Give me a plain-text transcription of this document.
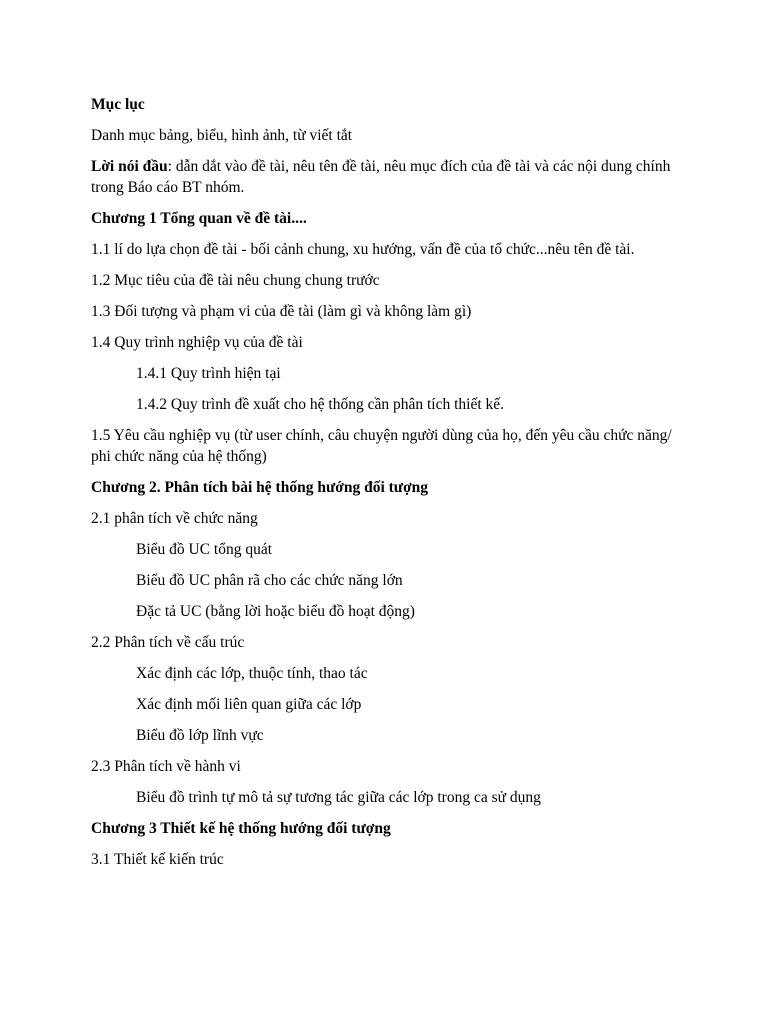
Mục lục

Danh mục bảng, biểu, hình ảnh, từ viết tắt

Lời nói đầu: dẫn dắt vào đề tài, nêu tên đề tài, nêu mục đích của đề tài và các nội dung chính trong Báo cáo BT nhóm.

Chương 1 Tổng quan về đề tài....

1.1 lí do lựa chọn đề tài - bối cảnh chung, xu hướng, vấn đề của tổ chức...nêu tên đề tài.

1.2 Mục tiêu của đề tài nêu chung chung trước

1.3 Đối tượng và phạm vi của đề tài (làm gì và không làm gì)

1.4 Quy trình nghiệp vụ của đề tài

1.4.1 Quy trình hiện tại

1.4.2 Quy trình đề xuất cho hệ thống cần phân tích thiết kế.

1.5 Yêu cầu nghiệp vụ (từ user chính, câu chuyện người dùng của họ, đến yêu cầu chức năng/ phi chức năng của hệ thống)

Chương 2. Phân tích bài hệ thống hướng đối tượng

2.1 phân tích về chức năng

Biểu đồ UC tổng quát

Biểu đồ UC phân rã cho các chức năng lớn

Đặc tả UC (bằng lời hoặc biểu đồ hoạt động)

2.2 Phân tích về cấu trúc

Xác định các lớp, thuộc tính, thao tác

Xác định mối liên quan giữa các lớp

Biểu đồ lớp lĩnh vực

2.3 Phân tích về hành vi

Biểu đồ trình tự mô tả sự tương tác giữa các lớp trong ca sử dụng

Chương 3 Thiết kế hệ thống hướng đối tượng

3.1 Thiết kế kiến trúc
